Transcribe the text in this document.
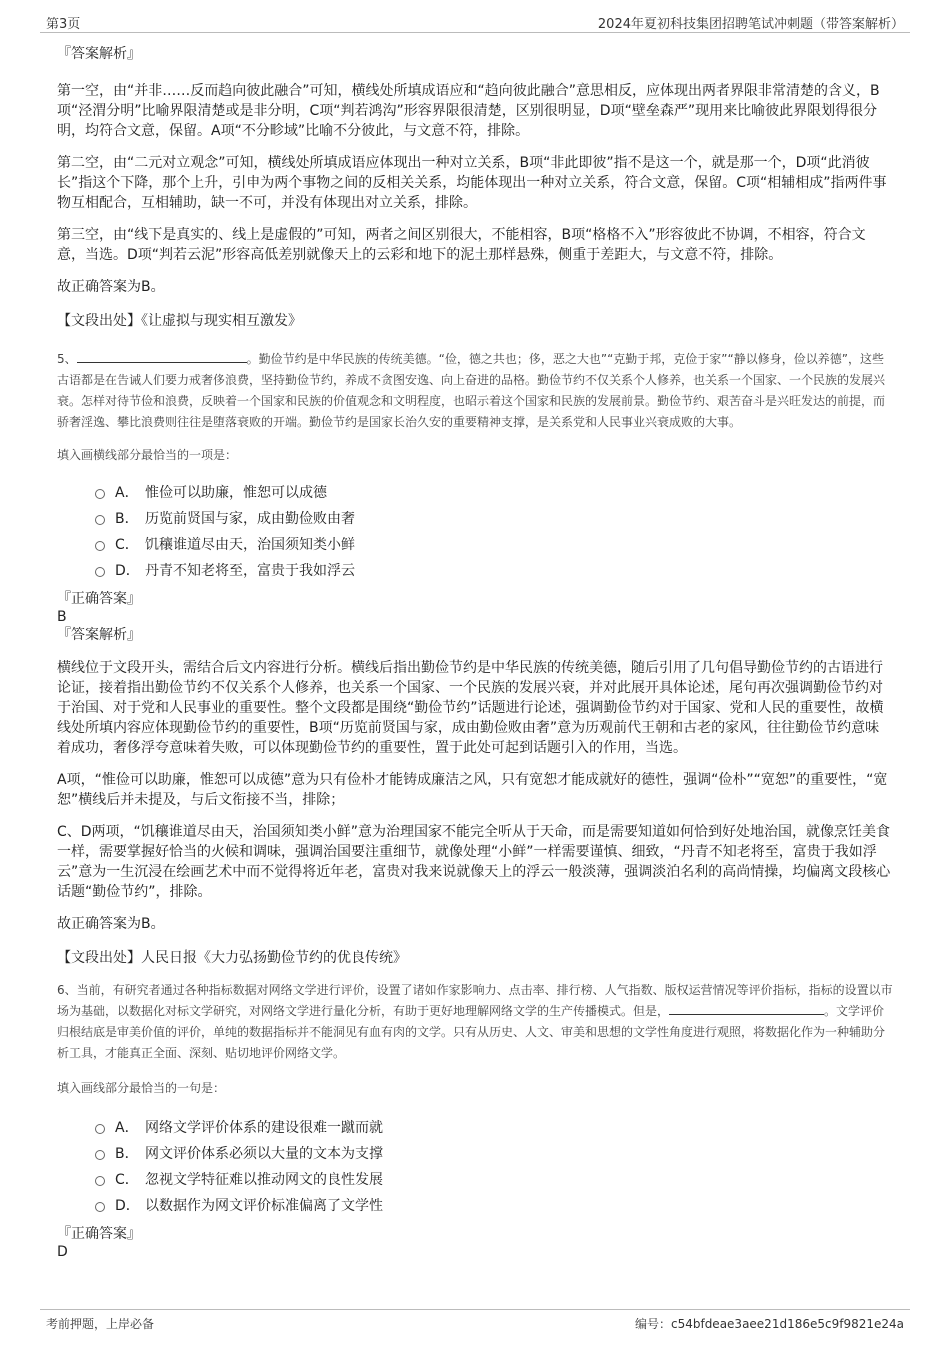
第3页	2024年夏初科技集团招聘笔试冲刺题（带答案解析）

『答案解析』

第一空，由“并非……反而趋向彼此融合”可知，横线处所填成语应和“趋向彼此融合”意思相反，应体现出两者界限非常清楚的含义，B项“泾渭分明”比喻界限清楚或是非分明，C项“判若鸿沟”形容界限很清楚，区别很明显，D项“壁垒森严”现用来比喻彼此界限划得很分明，均符合文意，保留。A项“不分畛域”比喻不分彼此，与文意不符，排除。

第二空，由“二元对立观念”可知，横线处所填成语应体现出一种对立关系，B项“非此即彼”指不是这一个，就是那一个，D项“此消彼长”指这个下降，那个上升，引申为两个事物之间的反相关关系，均能体现出一种对立关系，符合文意，保留。C项“相辅相成”指两件事物互相配合，互相辅助，缺一不可，并没有体现出对立关系，排除。

第三空，由“线下是真实的、线上是虚假的”可知，两者之间区别很大，不能相容，B项“格格不入”形容彼此不协调，不相容，符合文意，当选。D项“判若云泥”形容高低差别就像天上的云彩和地下的泥土那样悬殊，侧重于差距大，与文意不符，排除。

故正确答案为B。

【文段出处】《让虚拟与现实相互激发》

5、	。勤俭节约是中华民族的传统美德。“俭，德之共也；侈，恶之大也”“克勤于邦，克俭于家”“静以修身，俭以养德”，这些古语都是在告诫人们要力戒奢侈浪费，坚持勤俭节约，养成不贪图安逸、向上奋进的品格。勤俭节约不仅关系个人修养，也关系一个国家、一个民族的发展兴衰。怎样对待节俭和浪费，反映着一个国家和民族的价值观念和文明程度，也昭示着这个国家和民族的发展前景。勤俭节约、艰苦奋斗是兴旺发达的前提，而骄奢淫逸、攀比浪费则往往是堕落衰败的开端。勤俭节约是国家长治久安的重要精神支撑，是关系党和人民事业兴衰成败的大事。

填入画横线部分最恰当的一项是：

A． 惟俭可以助廉，惟恕可以成德
B． 历览前贤国与家，成由勤俭败由奢
C． 饥穰谁道尽由天，治国须知类小鲜
D． 丹青不知老将至，富贵于我如浮云

『正确答案』

B

『答案解析』

横线位于文段开头，需结合后文内容进行分析。横线后指出勤俭节约是中华民族的传统美德，随后引用了几句倡导勤俭节约的古语进行论证，接着指出勤俭节约不仅关系个人修养，也关系一个国家、一个民族的发展兴衰，并对此展开具体论述，尾句再次强调勤俭节约对于治国、对于党和人民事业的重要性。整个文段都是围绕“勤俭节约”话题进行论述，强调勤俭节约对于国家、党和人民的重要性，故横线处所填内容应体现勤俭节约的重要性，B项“历览前贤国与家，成由勤俭败由奢”意为历观前代王朝和古老的家风，往往勤俭节约意味着成功，奢侈浮夸意味着失败，可以体现勤俭节约的重要性，置于此处可起到话题引入的作用，当选。

A项，“惟俭可以助廉，惟恕可以成德”意为只有俭朴才能铸成廉洁之风，只有宽恕才能成就好的德性，强调“俭朴”“宽恕”的重要性，“宽恕”横线后并未提及，与后文衔接不当，排除；

C、D两项，“饥穰谁道尽由天，治国须知类小鲜”意为治理国家不能完全听从于天命，而是需要知道如何恰到好处地治国，就像烹饪美食一样，需要掌握好恰当的火候和调味，强调治国要注重细节，就像处理“小鲜”一样需要谨慎、细致，“丹青不知老将至，富贵于我如浮云”意为一生沉浸在绘画艺术中而不觉得将近年老，富贵对我来说就像天上的浮云一般淡薄，强调淡泊名利的高尚情操，均偏离文段核心话题“勤俭节约”，排除。

故正确答案为B。

【文段出处】人民日报《大力弘扬勤俭节约的优良传统》

6、当前，有研究者通过各种指标数据对网络文学进行评价，设置了诸如作家影响力、点击率、排行榜、人气指数、版权运营情况等评价指标，指标的设置以市场为基础，以数据化对标文学研究，对网络文学进行量化分析，有助于更好地理解网络文学的生产传播模式。但是，	。文学评价归根结底是审美价值的评价，单纯的数据指标并不能洞见有血有肉的文学。只有从历史、人文、审美和思想的文学性角度进行观照，将数据化作为一种辅助分析工具，才能真正全面、深刻、贴切地评价网络文学。

填入画线部分最恰当的一句是：

A． 网络文学评价体系的建设很难一蹴而就
B． 网文评价体系必须以大量的文本为支撑
C． 忽视文学特征难以推动网文的良性发展
D． 以数据作为网文评价标准偏离了文学性

『正确答案』

D

考前押题，上岸必备	编号：c54bfdeae3aee21d186e5c9f9821e24a
